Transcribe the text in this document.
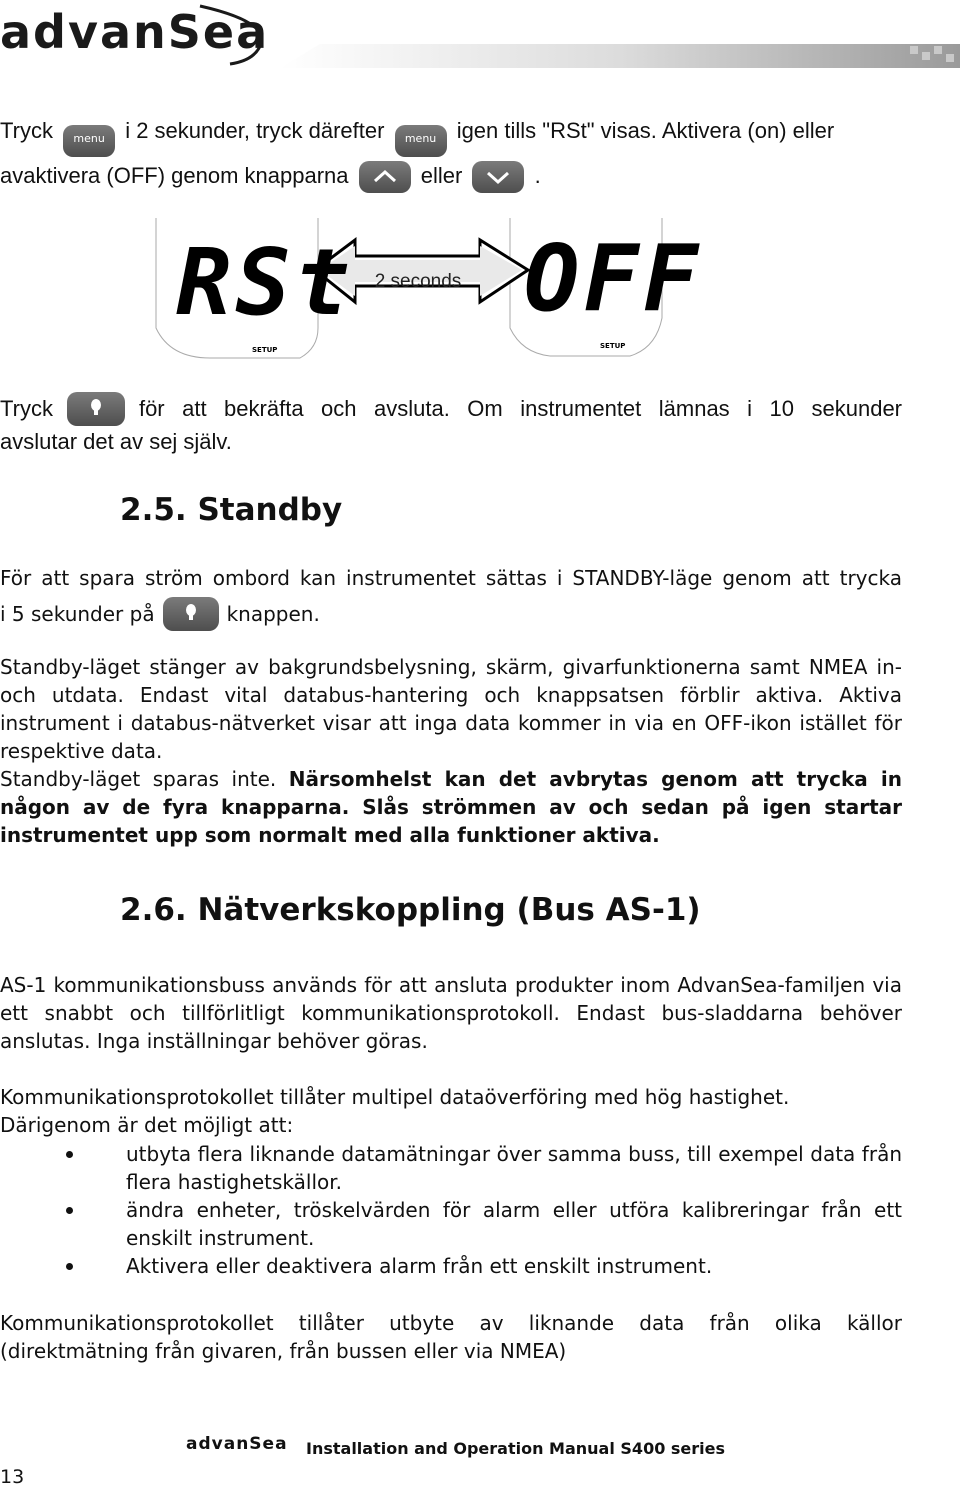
advanSea
Tryck menu i 2 sekunder, tryck därefter menu igen tills "RSt" visas. Aktivera (on) eller
avaktivera (OFF) genom knapparna	eller	.
2 seconds
RSt OFF
SETUP	SETUP
Tryck	för att bekräfta och avsluta. Om instrumentet lämnas i 10 sekunder
avslutar det av sej själv.
2.5. Standby
För att spara ström ombord kan instrumentet sättas i STANDBY-läge genom att trycka
i 5 sekunder på	knappen.
Standby-läget stänger av bakgrundsbelysning, skärm, givarfunktionerna samt NMEA in- och utdata. Endast vital databus-hantering och knappsatsen förblir aktiva. Aktiva instrument i databus-nätverket visar att inga data kommer in via en OFF-ikon istället för respektive data.
Standby-läget sparas inte. Närsomhelst kan det avbrytas genom att trycka in någon av de fyra knapparna. Slås strömmen av och sedan på igen startar instrumentet upp som normalt med alla funktioner aktiva.
2.6. Nätverkskoppling (Bus AS-1)
AS-1 kommunikationsbuss används för att ansluta produkter inom AdvanSea-familjen via ett snabbt och tillförlitligt kommunikationsprotokoll. Endast bus-sladdarna behöver anslutas. Inga inställningar behöver göras.
Kommunikationsprotokollet tillåter multipel dataöverföring med hög hastighet.
Därigenom är det möjligt att:
utbyta flera liknande datamätningar över samma buss, till exempel data från flera hastighetskällor.
ändra enheter, tröskelvärden för alarm eller utföra kalibreringar från ett enskilt instrument.
Aktivera eller deaktivera alarm från ett enskilt instrument.
Kommunikationsprotokollet tillåter utbyte av liknande data från olika källor (direktmätning från givaren, från bussen eller via NMEA)
advanSea Installation and Operation Manual S400 series
13
